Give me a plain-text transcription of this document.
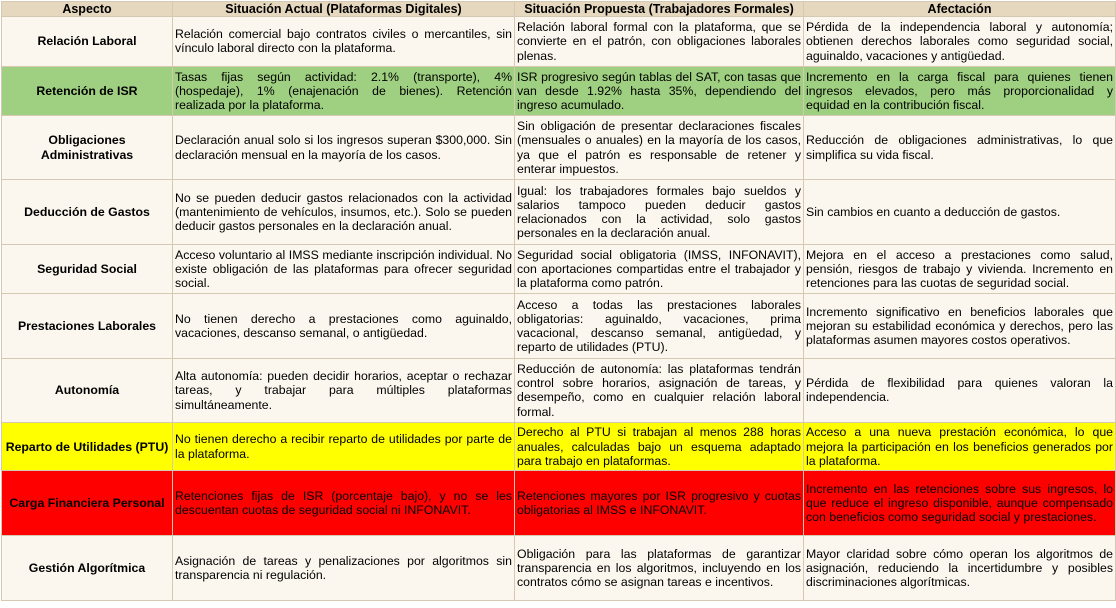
Aspecto	Situación Actual (Plataformas Digitales)	Situación Propuesta (Trabajadores Formales)	Afectación
Relación Laboral	Relación comercial bajo contratos civiles o mercantiles, sin vínculo laboral directo con la plataforma.	Relación laboral formal con la plataforma, que se convierte en el patrón, con obligaciones laborales plenas.	Pérdida de la independencia laboral y autonomía; obtienen derechos laborales como seguridad social, aguinaldo, vacaciones y antigüedad.
Retención de ISR	Tasas fijas según actividad: 2.1% (transporte), 4% (hospedaje), 1% (enajenación de bienes). Retención realizada por la plataforma.	ISR progresivo según tablas del SAT, con tasas que van desde 1.92% hasta 35%, dependiendo del ingreso acumulado.	Incremento en la carga fiscal para quienes tienen ingresos elevados, pero más proporcionalidad y equidad en la contribución fiscal.
Obligaciones Administrativas	Declaración anual solo si los ingresos superan $300,000. Sin declaración mensual en la mayoría de los casos.	Sin obligación de presentar declaraciones fiscales (mensuales o anuales) en la mayoría de los casos, ya que el patrón es responsable de retener y enterar impuestos.	Reducción de obligaciones administrativas, lo que simplifica su vida fiscal.
Deducción de Gastos	No se pueden deducir gastos relacionados con la actividad (mantenimiento de vehículos, insumos, etc.). Solo se pueden deducir gastos personales en la declaración anual.	Igual: los trabajadores formales bajo sueldos y salarios tampoco pueden deducir gastos relacionados con la actividad, solo gastos personales en la declaración anual.	Sin cambios en cuanto a deducción de gastos.
Seguridad Social	Acceso voluntario al IMSS mediante inscripción individual. No existe obligación de las plataformas para ofrecer seguridad social.	Seguridad social obligatoria (IMSS, INFONAVIT), con aportaciones compartidas entre el trabajador y la plataforma como patrón.	Mejora en el acceso a prestaciones como salud, pensión, riesgos de trabajo y vivienda. Incremento en retenciones para las cuotas de seguridad social.
Prestaciones Laborales	No tienen derecho a prestaciones como aguinaldo, vacaciones, descanso semanal, o antigüedad.	Acceso a todas las prestaciones laborales obligatorias: aguinaldo, vacaciones, prima vacacional, descanso semanal, antigüedad, y reparto de utilidades (PTU).	Incremento significativo en beneficios laborales que mejoran su estabilidad económica y derechos, pero las plataformas asumen mayores costos operativos.
Autonomía	Alta autonomía: pueden decidir horarios, aceptar o rechazar tareas, y trabajar para múltiples plataformas simultáneamente.	Reducción de autonomía: las plataformas tendrán control sobre horarios, asignación de tareas, y desempeño, como en cualquier relación laboral formal.	Pérdida de flexibilidad para quienes valoran la independencia.
Reparto de Utilidades (PTU)	No tienen derecho a recibir reparto de utilidades por parte de la plataforma.	Derecho al PTU si trabajan al menos 288 horas anuales, calculadas bajo un esquema adaptado para trabajo en plataformas.	Acceso a una nueva prestación económica, lo que mejora la participación en los beneficios generados por la plataforma.
Carga Financiera Personal	Retenciones fijas de ISR (porcentaje bajo), y no se les descuentan cuotas de seguridad social ni INFONAVIT.	Retenciones mayores por ISR progresivo y cuotas obligatorias al IMSS e INFONAVIT.	Incremento en las retenciones sobre sus ingresos, lo que reduce el ingreso disponible, aunque compensado con beneficios como seguridad social y prestaciones.
Gestión Algorítmica	Asignación de tareas y penalizaciones por algoritmos sin transparencia ni regulación.	Obligación para las plataformas de garantizar transparencia en los algoritmos, incluyendo en los contratos cómo se asignan tareas e incentivos.	Mayor claridad sobre cómo operan los algoritmos de asignación, reduciendo la incertidumbre y posibles discriminaciones algorítmicas.
